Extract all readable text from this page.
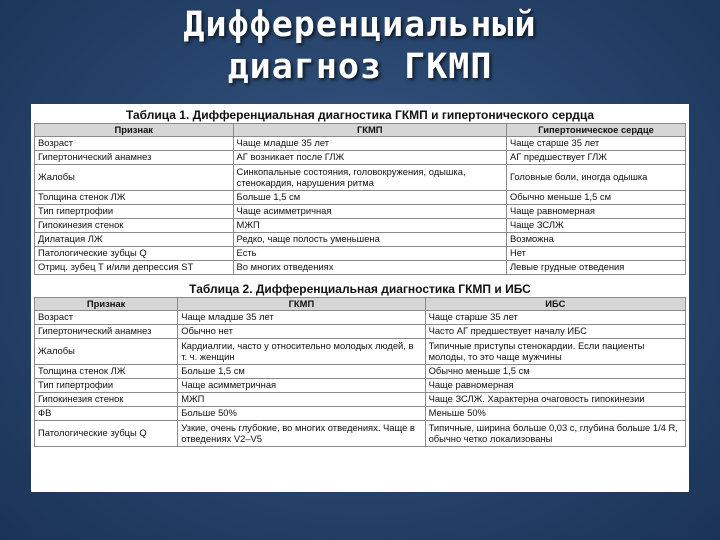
Дифференциальный
диагноз ГКМП
Таблица 1. Дифференциальная диагностика ГКМП и гипертонического сердца
Признак	ГКМП	Гипертоническое сердце
Возраст	Чаще младше 35 лет	Чаще старше 35 лет
Гипертонический анамнез	АГ возникает после ГЛЖ	АГ предшествует ГЛЖ
Жалобы	Синкопальные состояния, головокружения, одышка, стенокардия, нарушения ритма	Головные боли, иногда одышка
Толщина стенок ЛЖ	Больше 1,5 см	Обычно меньше 1,5 см
Тип гипертрофии	Чаще асимметричная	Чаще равномерная
Гипокинезия стенок	МЖП	Чаще ЗСЛЖ
Дилатация ЛЖ	Редко, чаще полость уменьшена	Возможна
Патологические зубцы Q	Есть	Нет
Отриц. зубец Т и/или депрессия ST	Во многих отведениях	Левые грудные отведения
Таблица 2. Дифференциальная диагностика ГКМП и ИБС
Признак	ГКМП	ИБС
Возраст	Чаще младше 35 лет	Чаще старше 35 лет
Гипертонический анамнез	Обычно нет	Часто АГ предшествует началу ИБС
Жалобы	Кардиалгии, часто у относительно молодых людей, в т. ч. женщин	Типичные приступы стенокардии. Если пациенты молоды, то это чаще мужчины
Толщина стенок ЛЖ	Больше 1,5 см	Обычно меньше 1,5 см
Тип гипертрофии	Чаще асимметричная	Чаще равномерная
Гипокинезия стенок	МЖП	Чаще ЗСЛЖ. Характерна очаговость гипокинезии
ФВ	Больше 50%	Меньше 50%
Патологические зубцы Q	Узкие, очень глубокие, во многих отведениях. Чаще в отведениях V2–V5	Типичные, ширина больше 0,03 с, глубина больше 1/4 R, обычно четко локализованы
